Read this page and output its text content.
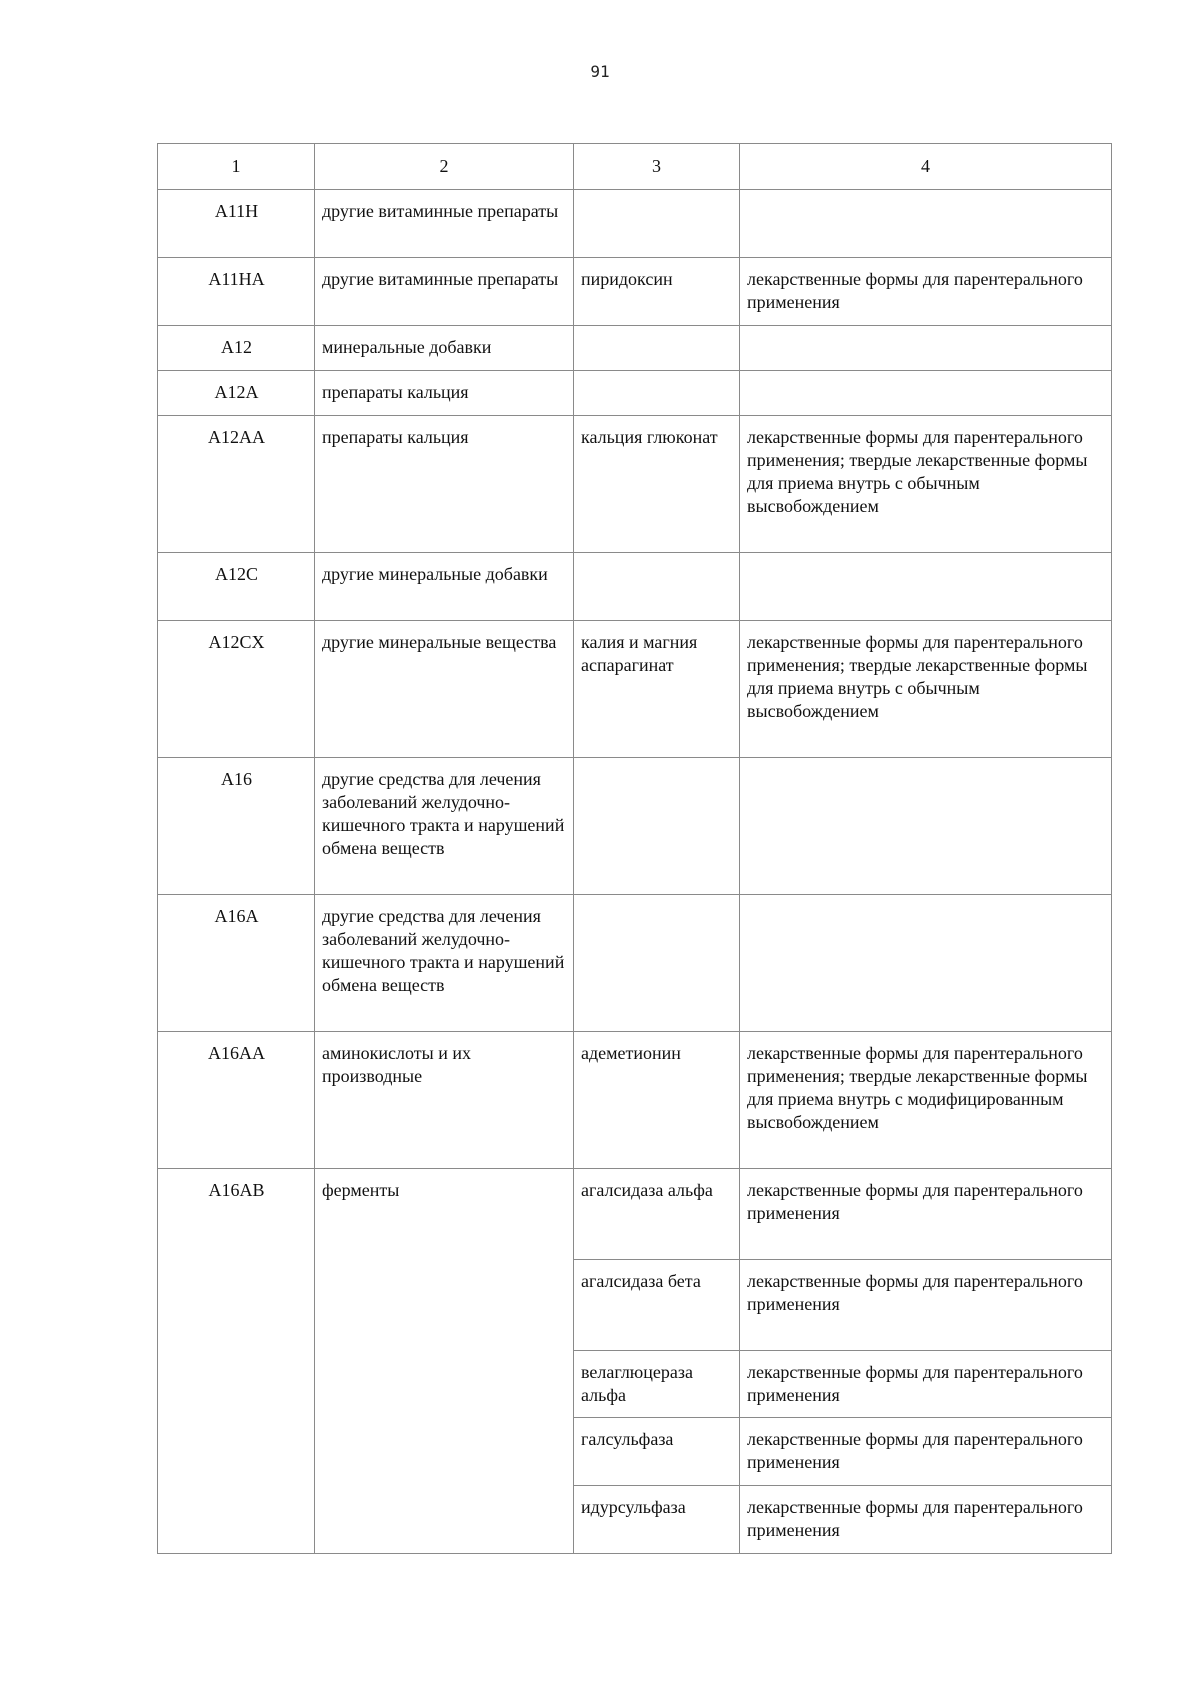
91
1	2	3	4
A11H	другие витаминные препараты		
A11HA	другие витаминные препараты	пиридоксин	лекарственные формы для парентерального применения
A12	минеральные добавки		
A12A	препараты кальция		
A12AA	препараты кальция	кальция глюконат	лекарственные формы для парентерального применения; твердые лекарственные формы для приема внутрь с обычным высвобождением
A12C	другие минеральные добавки		
A12CX	другие минеральные вещества	калия и магния аспарагинат	лекарственные формы для парентерального применения; твердые лекарственные формы для приема внутрь с обычным высвобождением
A16	другие средства для лечения заболеваний желудочно-кишечного тракта и нарушений обмена веществ		
A16A	другие средства для лечения заболеваний желудочно-кишечного тракта и нарушений обмена веществ		
A16AA	аминокислоты и их производные	адеметионин	лекарственные формы для парентерального применения; твердые лекарственные формы для приема внутрь с модифицированным высвобождением
A16AB	ферменты	агалсидаза альфа	лекарственные формы для парентерального применения
		агалсидаза бета	лекарственные формы для парентерального применения
		велаглюцераза альфа	лекарственные формы для парентерального применения
		галсульфаза	лекарственные формы для парентерального применения
		идурсульфаза	лекарственные формы для парентерального применения
